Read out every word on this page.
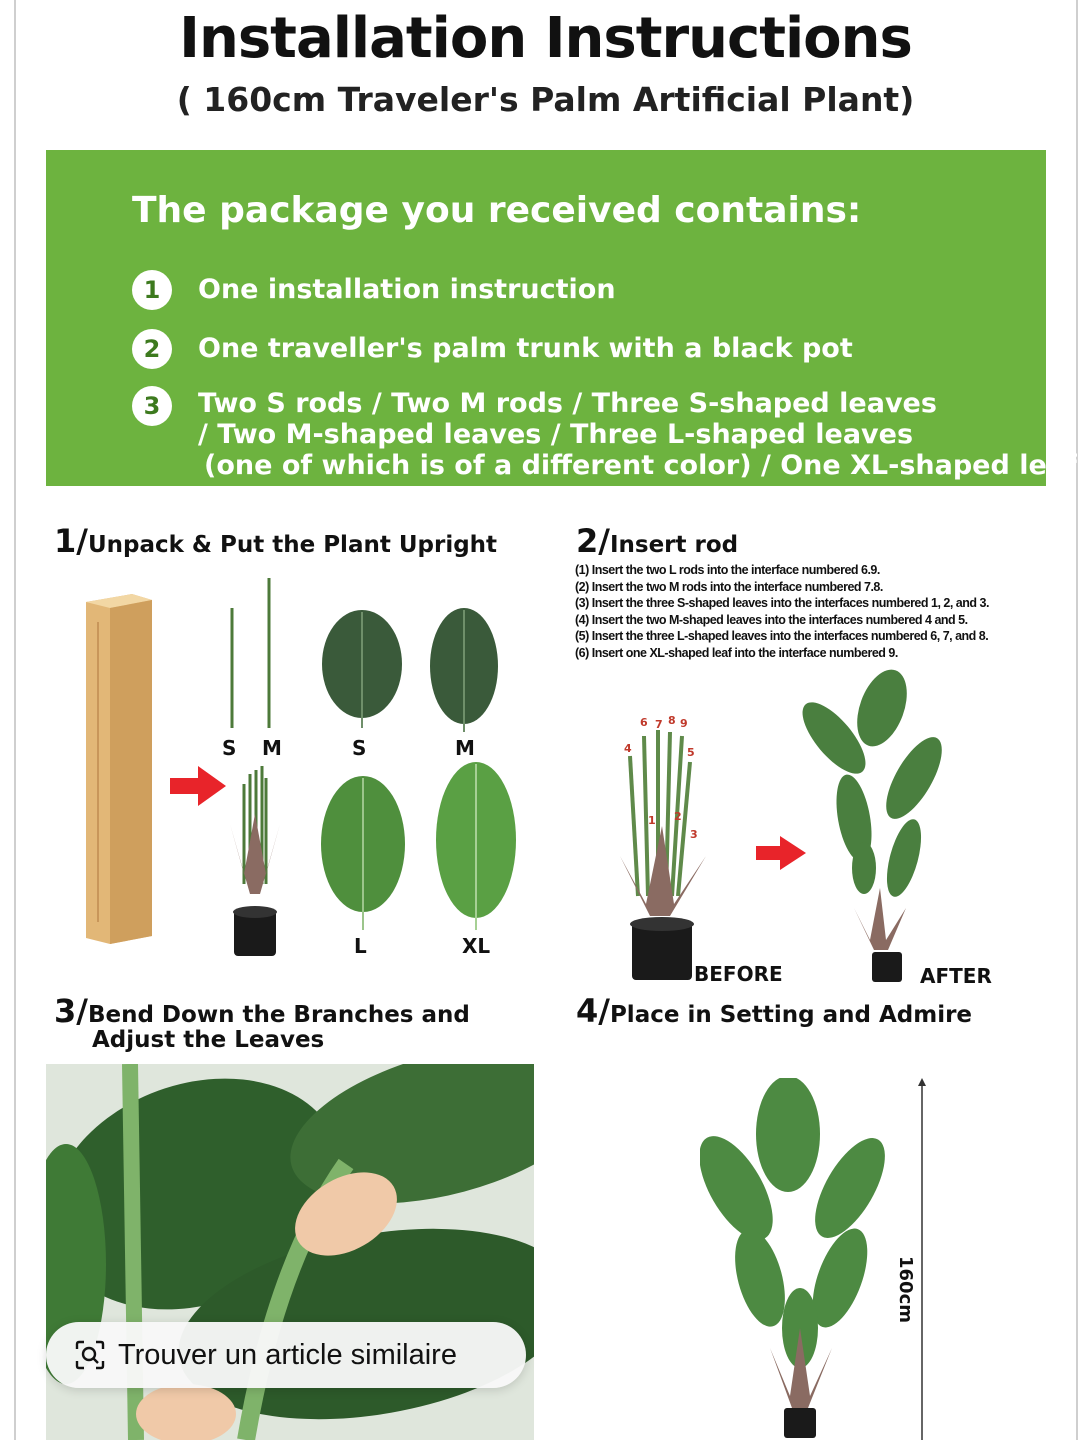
Installation Instructions
( 160cm Traveler's Palm Artificial Plant)
The package you received contains:
1	One installation instruction
2	One traveller's palm trunk with a black pot
3	Two S rods / Two M rods / Three S-shaped leaves
/ Two M-shaped leaves / Three L-shaped leaves
(one of which is of a different color) / One XL-shaped leaf
1/Unpack & Put the Plant Upright
S M	S	M
L	XL
2/Insert rod
(1) Insert the two L rods into the interface numbered 6.9.
(2) Insert the two M rods into the interface numbered 7.8.
(3) Insert the three S-shaped leaves into the interfaces numbered 1, 2, and 3.
(4) Insert the two M-shaped leaves into the interfaces numbered 4 and 5.
(5) Insert the three L-shaped leaves into the interfaces numbered 6, 7, and 8.
(6) Insert one XL-shaped leaf into the interface numbered 9.
6 7 8 9
4	5
1 2
3
BEFORE	AFTER
3/Bend Down the Branches and
Adjust the Leaves
4/Place in Setting and Admire
160cm
Trouver un article similaire
